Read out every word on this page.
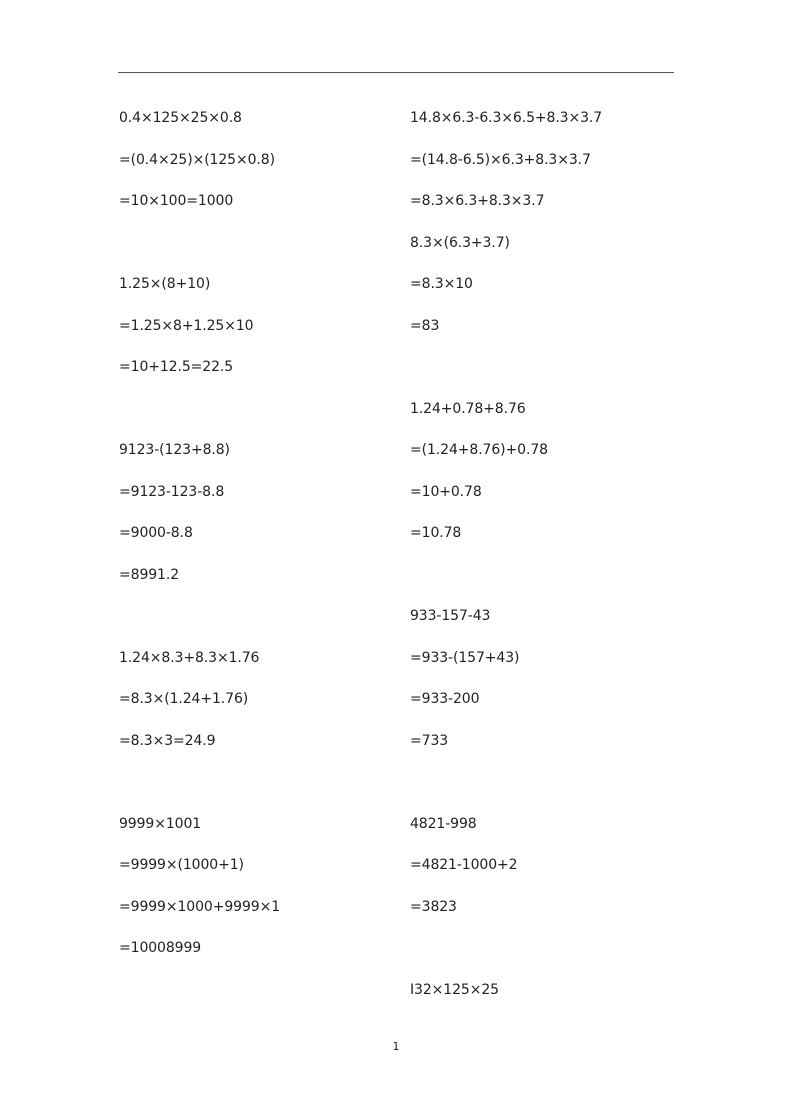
0.4×125×25×0.8
=(0.4×25)×(125×0.8)
=10×100=1000
1.25×(8+10)
=1.25×8+1.25×10
=10+12.5=22.5
9123-(123+8.8)
=9123-123-8.8
=9000-8.8
=8991.2
1.24×8.3+8.3×1.76
=8.3×(1.24+1.76)
=8.3×3=24.9
9999×1001
=9999×(1000+1)
=9999×1000+9999×1
=10008999
14.8×6.3-6.3×6.5+8.3×3.7
=(14.8-6.5)×6.3+8.3×3.7
=8.3×6.3+8.3×3.7
8.3×(6.3+3.7)
=8.3×10
=83
1.24+0.78+8.76
=(1.24+8.76)+0.78
=10+0.78
=10.78
933-157-43
=933-(157+43)
=933-200
=733
4821-998
=4821-1000+2
=3823
I32×125×25
1
